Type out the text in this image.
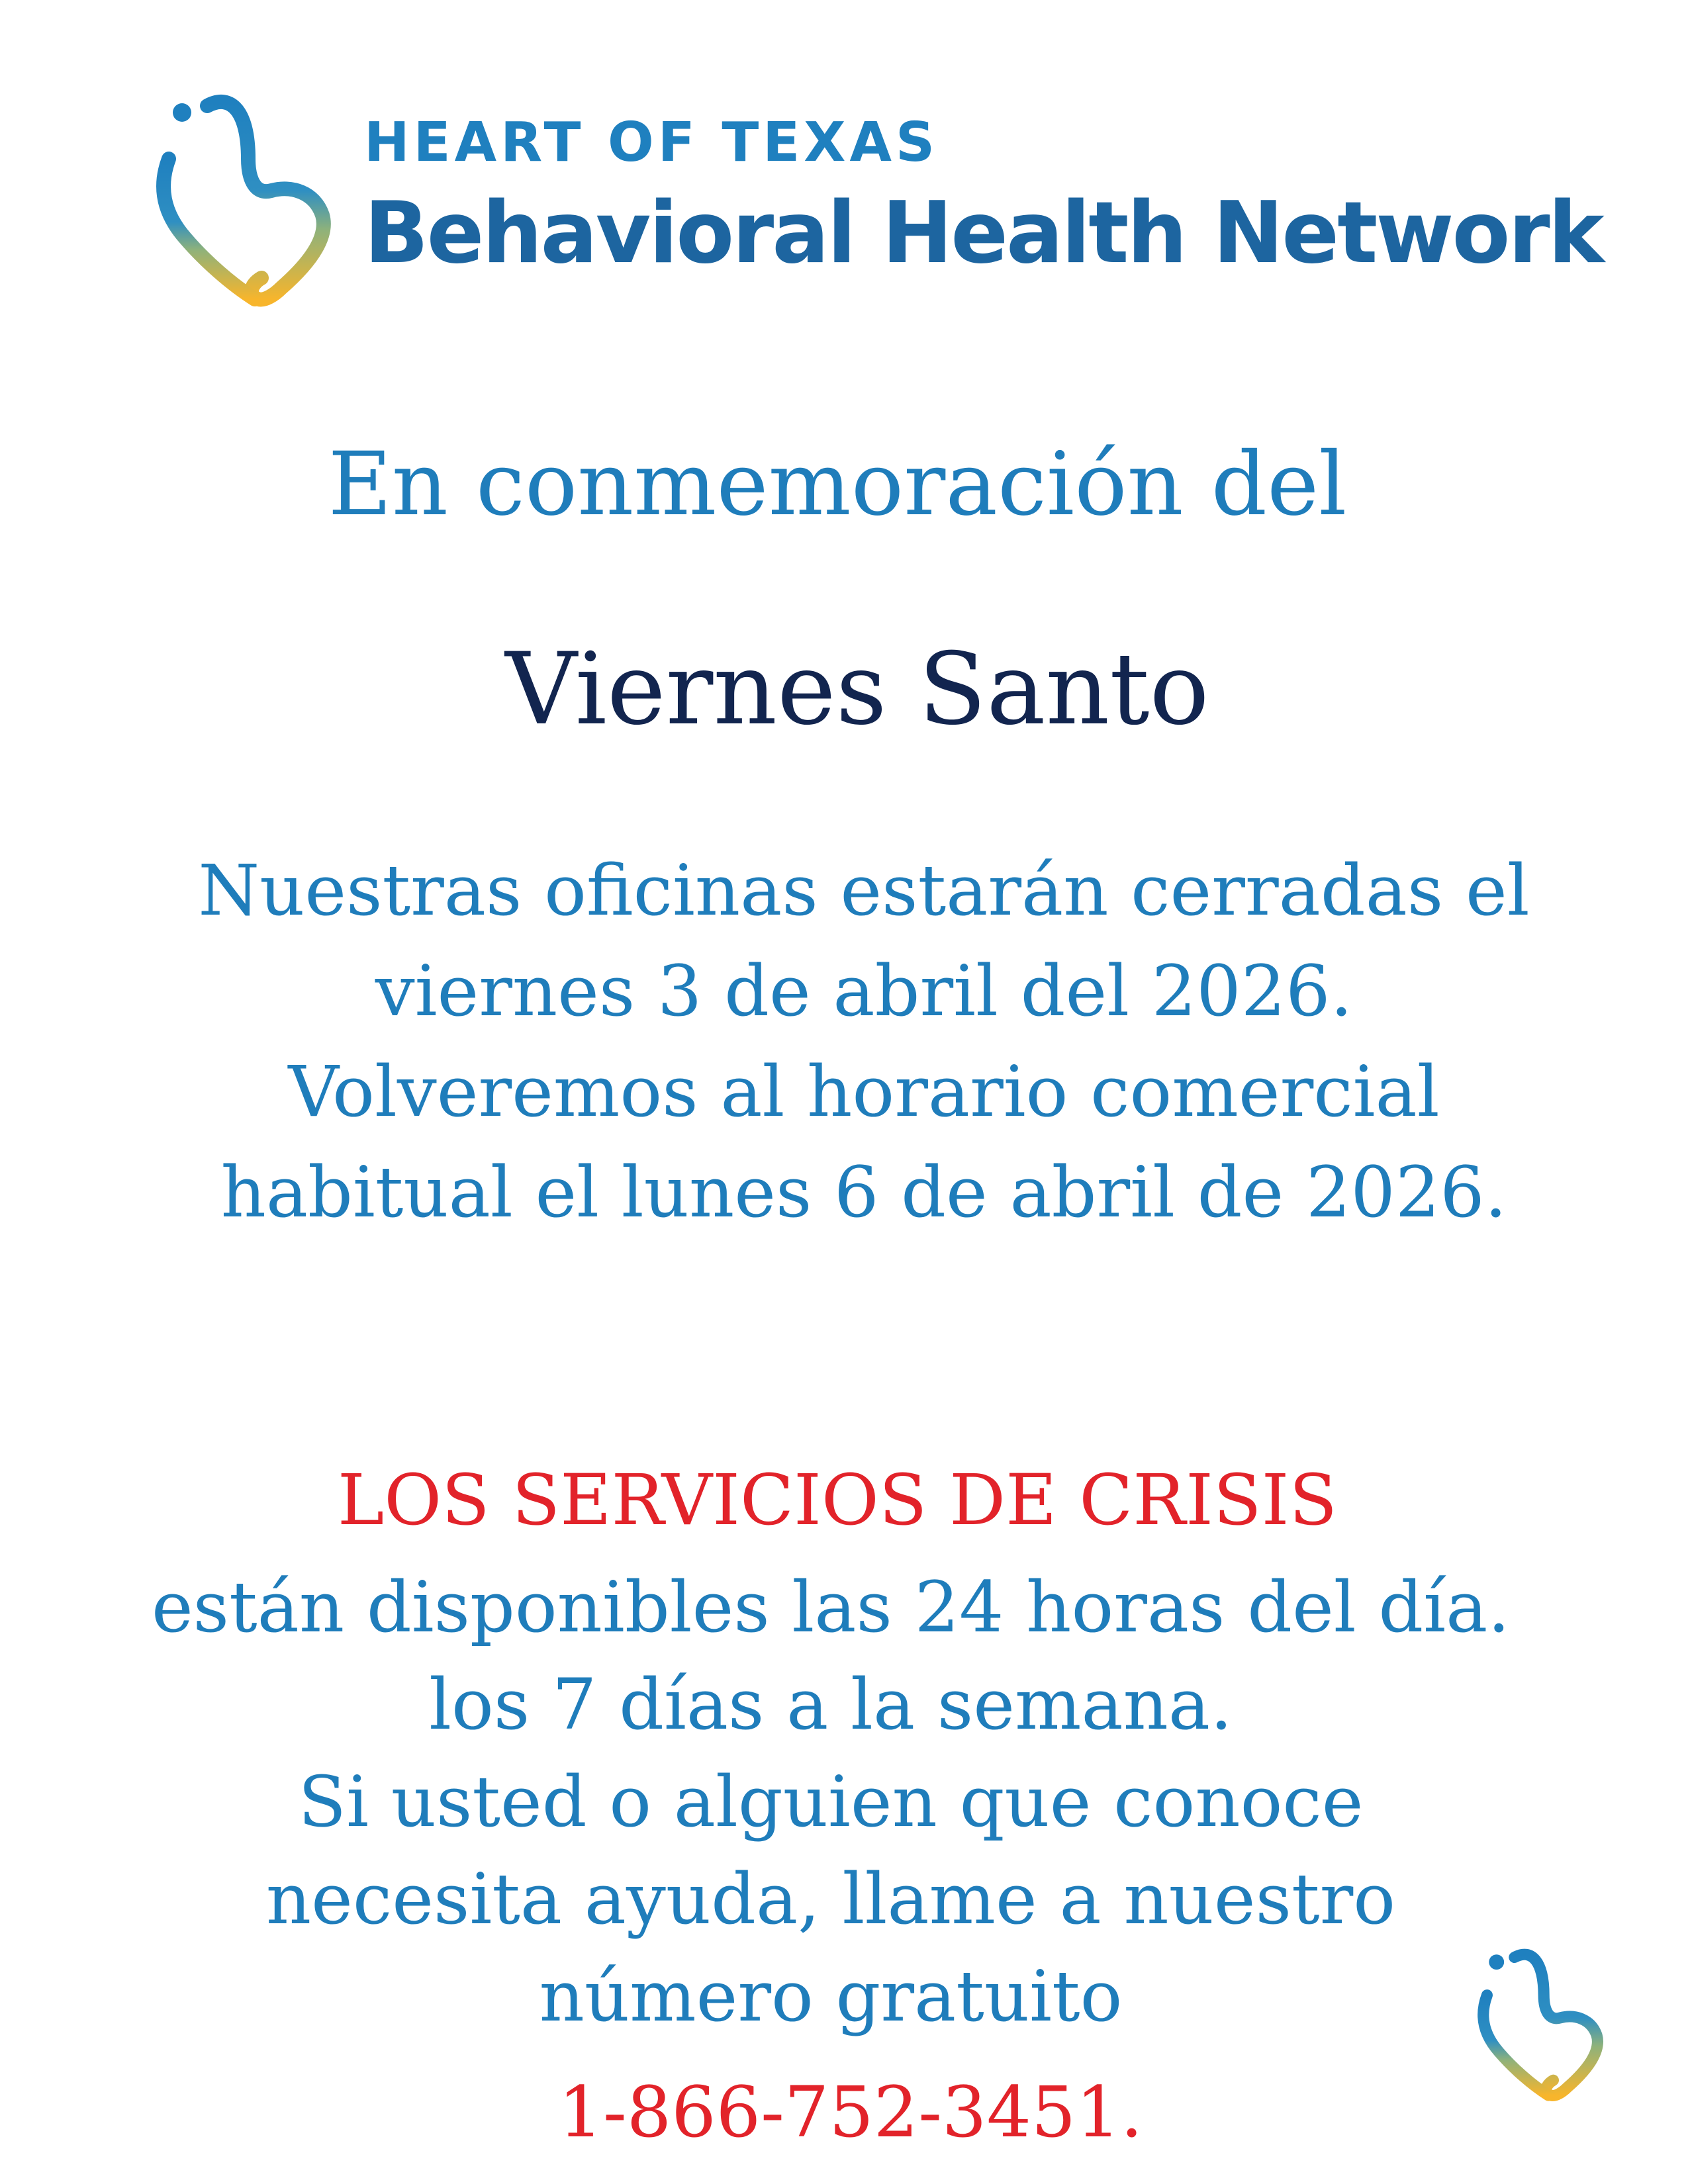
HEART OF TEXAS
Behavioral Health Network
En conmemoración del
Viernes Santo
Nuestras oficinas estarán cerradas el
viernes 3 de abril del 2026.
Volveremos al horario comercial
habitual el lunes 6 de abril de 2026.
LOS SERVICIOS DE CRISIS
están disponibles las 24 horas del día.
los 7 días a la semana.
Si usted o alguien que conoce
necesita ayuda, llame a nuestro
número gratuito
1-866-752-3451.
